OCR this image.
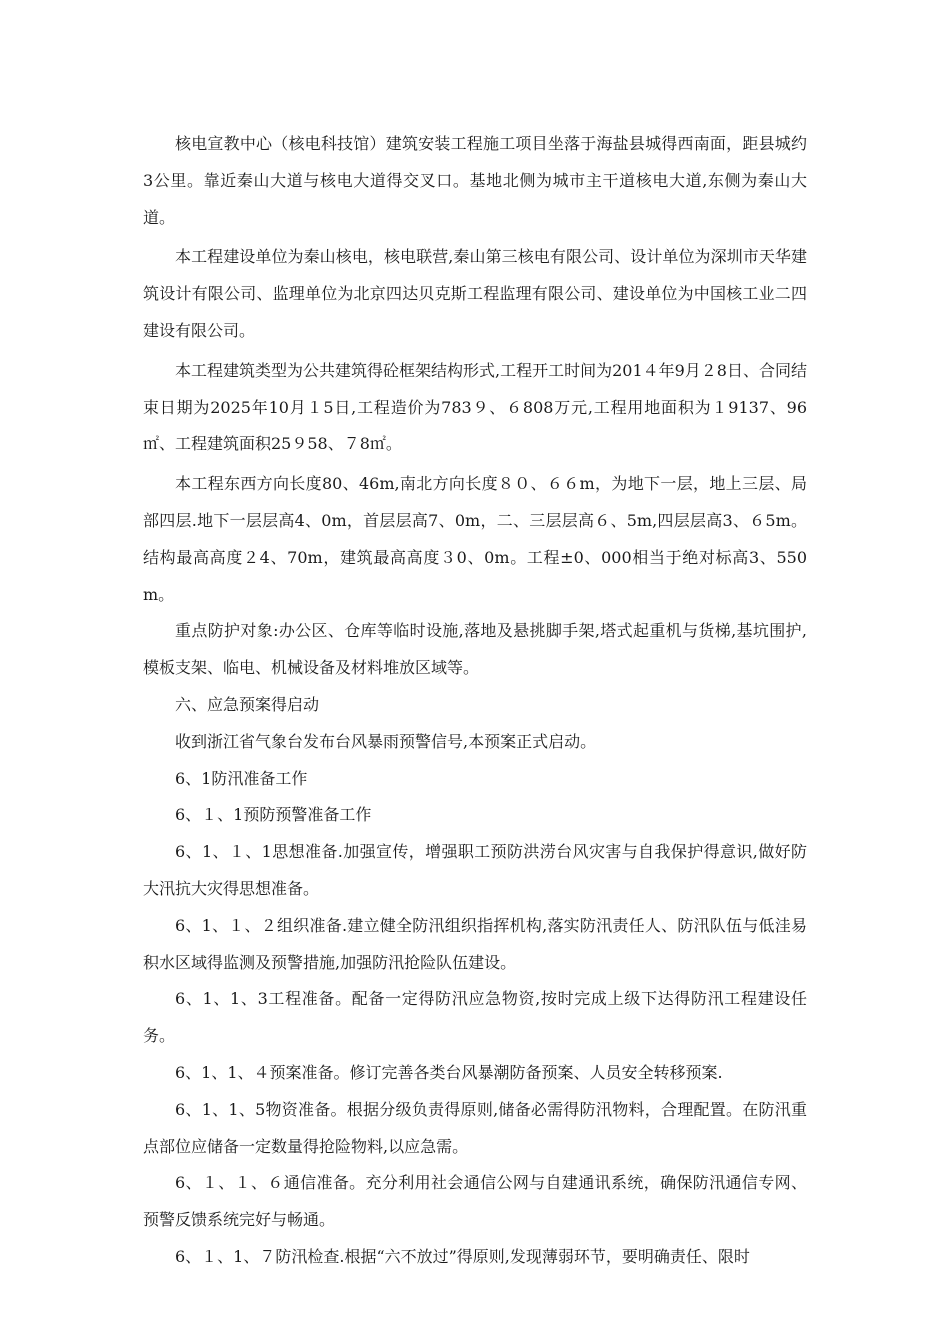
核电宣教中心（核电科技馆）建筑安装工程施工项目坐落于海盐县城得西南面，距县城约3公里。靠近秦山大道与核电大道得交叉口。基地北侧为城市主干道核电大道,东侧为秦山大道。

本工程建设单位为秦山核电，核电联营,秦山第三核电有限公司、设计单位为深圳市天华建筑设计有限公司、监理单位为北京四达贝克斯工程监理有限公司、建设单位为中国核工业二四建设有限公司。

本工程建筑类型为公共建筑得砼框架结构形式,工程开工时间为201４年9月２8日、合同结束日期为2025年10月１5日,工程造价为783９、６808万元,工程用地面积为１9137、96㎡、工程建筑面积25９58、７8㎡。

本工程东西方向长度80、46m,南北方向长度８０、６６m，为地下一层，地上三层、局部四层.地下一层层高4、0m，首层层高7、0m，二、三层层高６、5m,四层层高3、６5m。结构最高高度２4、70m，建筑最高高度３0、0m。工程±0、000相当于绝对标高3、550m。

重点防护对象:办公区、仓库等临时设施,落地及悬挑脚手架,塔式起重机与货梯,基坑围护,模板支架、临电、机械设备及材料堆放区域等。

六、应急预案得启动

收到浙江省气象台发布台风暴雨预警信号,本预案正式启动。

6、1防汛准备工作

6、１、1预防预警准备工作

6、1、１、1思想准备.加强宣传，增强职工预防洪涝台风灾害与自我保护得意识,做好防大汛抗大灾得思想准备。

6、1、１、２组织准备.建立健全防汛组织指挥机构,落实防汛责任人、防汛队伍与低洼易积水区域得监测及预警措施,加强防汛抢险队伍建设。

6、1、1、3工程准备。配备一定得防汛应急物资,按时完成上级下达得防汛工程建设任务。

6、1、1、４预案准备。修订完善各类台风暴潮防备预案、人员安全转移预案.

6、1、1、5物资准备。根据分级负责得原则,储备必需得防汛物料，合理配置。在防汛重点部位应储备一定数量得抢险物料,以应急需。

6、１、１、６通信准备。充分利用社会通信公网与自建通讯系统，确保防汛通信专网、预警反馈系统完好与畅通。

6、１、1、７防汛检查.根据“六不放过”得原则,发现薄弱环节，要明确责任、限时
